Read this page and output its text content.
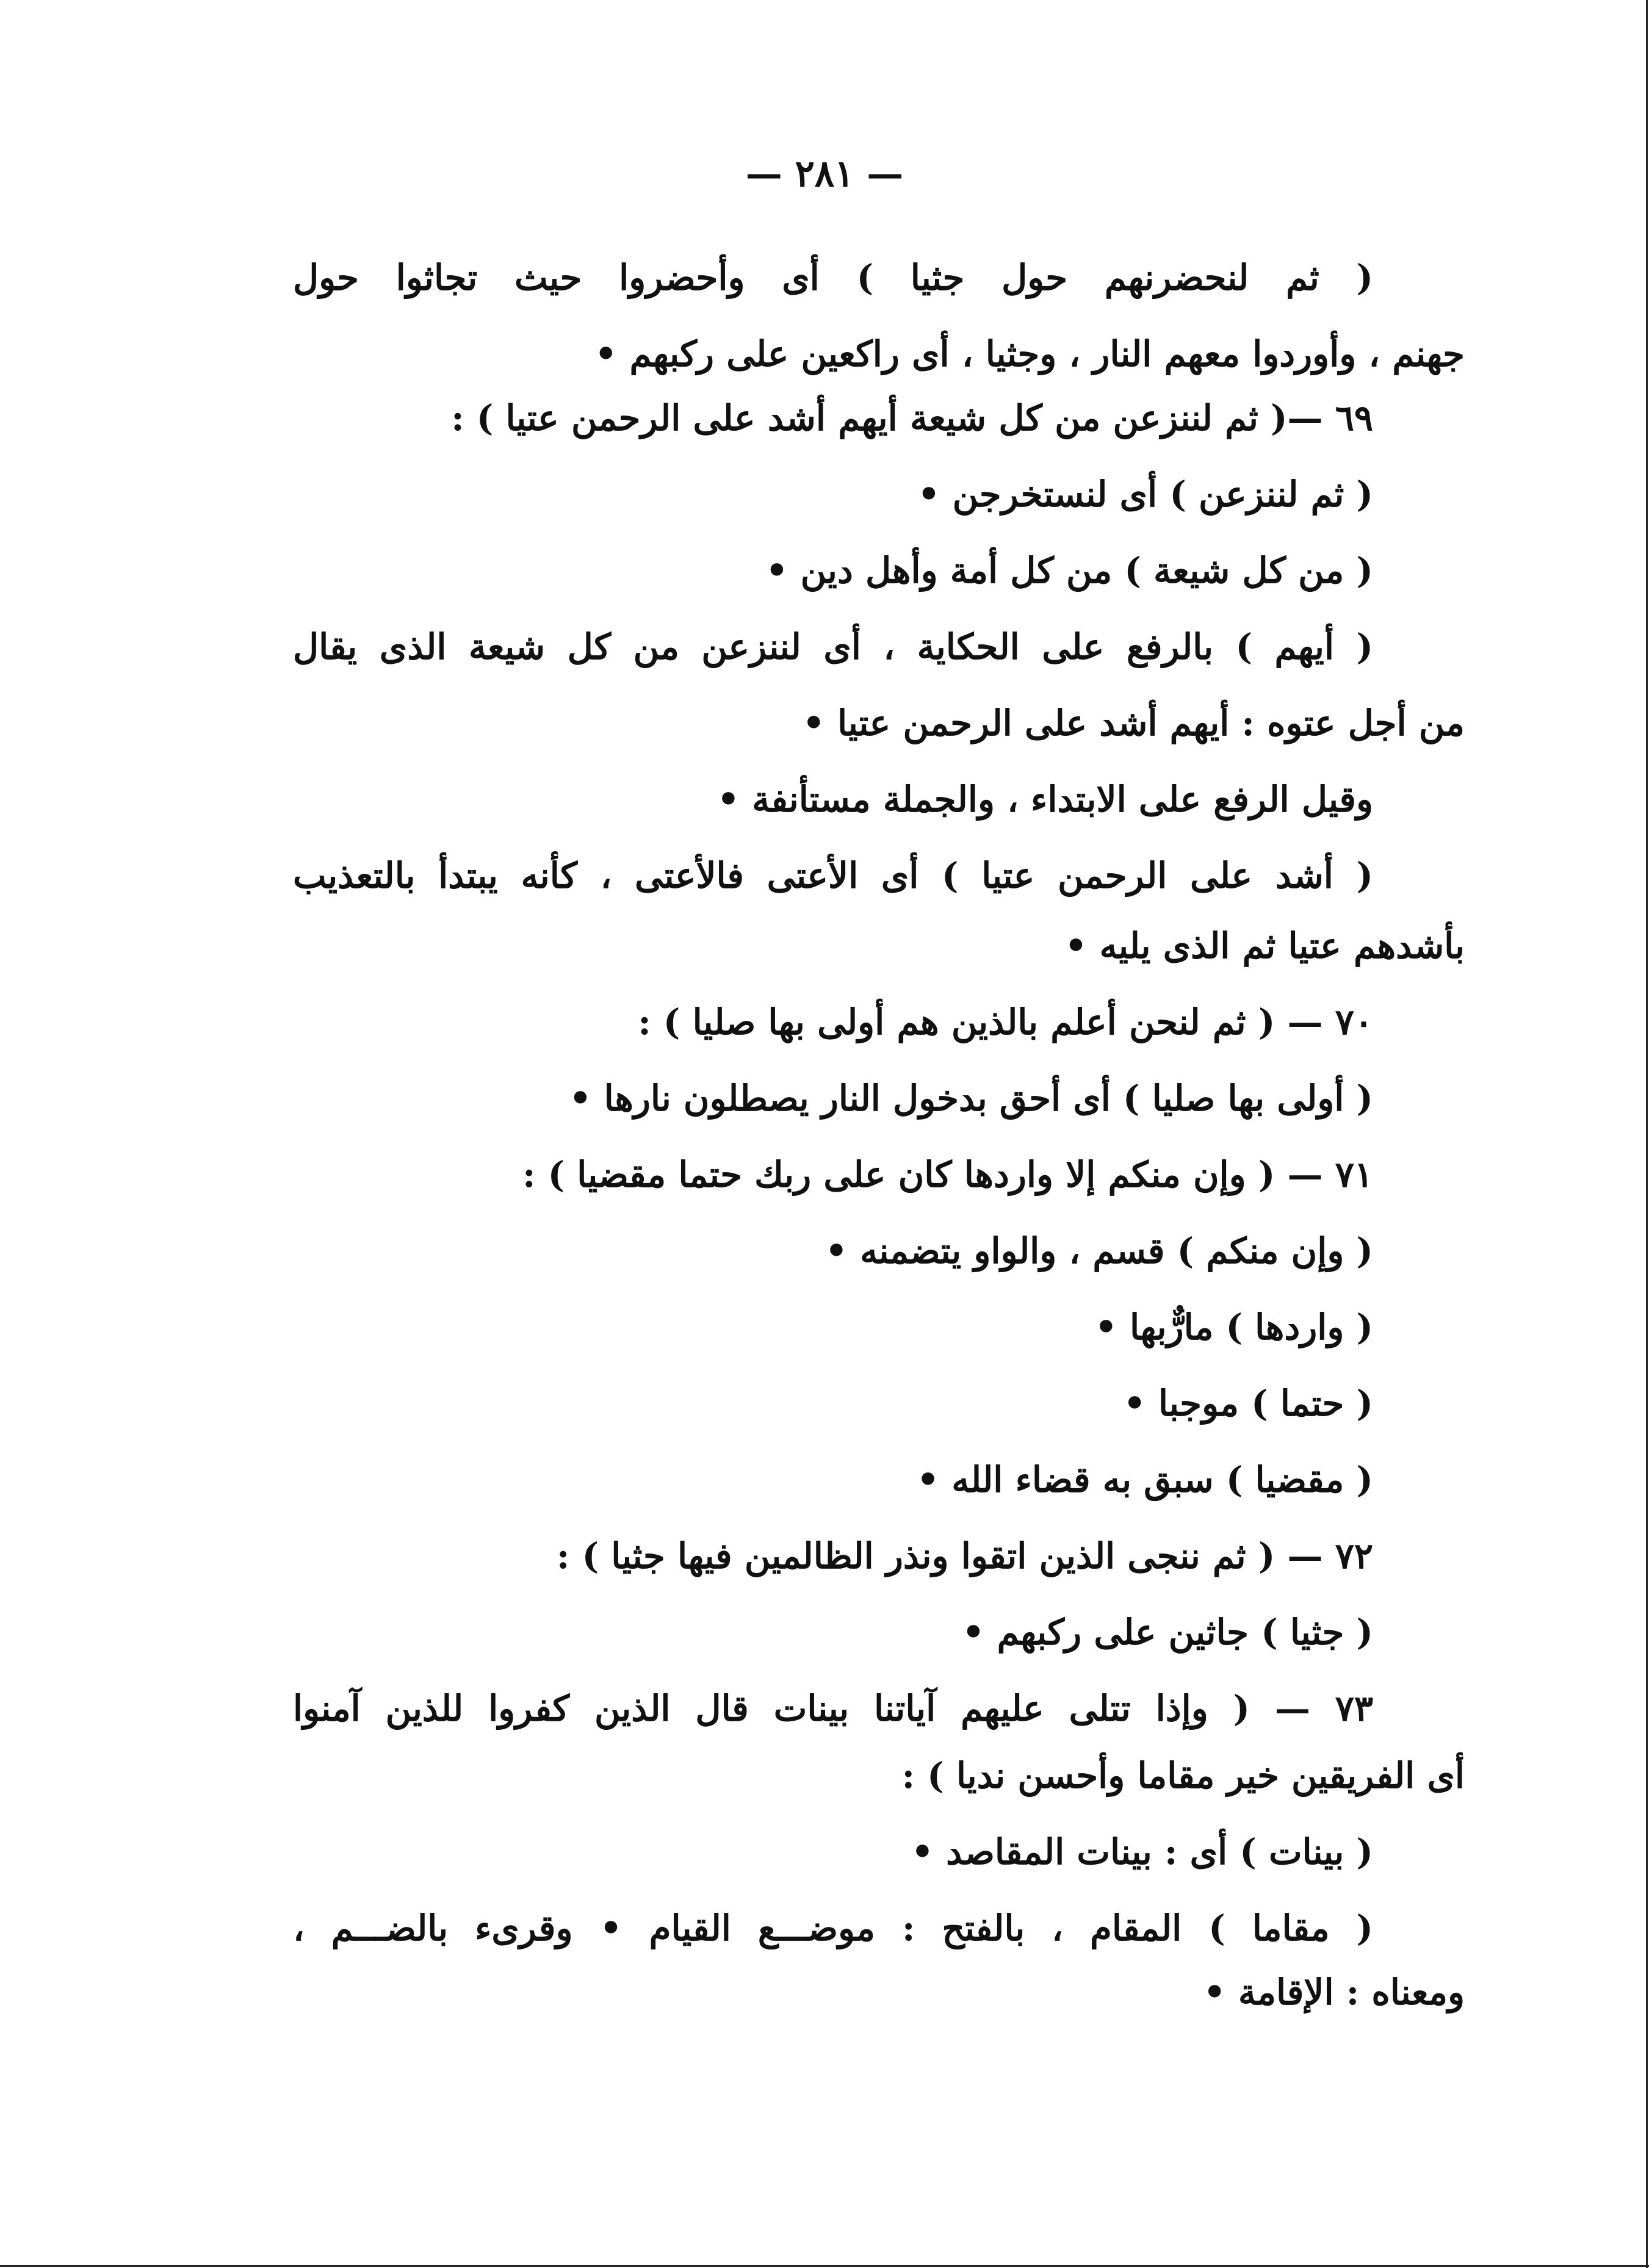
— ٢٨١ —
( ثم لنحضرنهم حول جثيا ) أى وأحضروا حيث تجاثوا حول
جهنم ، وأوردوا معهم النار ، وجثيا ، أى راكعين على ركبهم •
٦٩ —( ثم لننزعن من كل شيعة أيهم أشد على الرحمن عتيا ) :
( ثم لننزعن ) أى لنستخرجن •
( من كل شيعة ) من كل أمة وأهل دين •
( أيهم ) بالرفع على الحكاية ، أى لننزعن من كل شيعة الذى يقال
من أجل عتوه : أيهم أشد على الرحمن عتيا •
وقيل الرفع على الابتداء ، والجملة مستأنفة •
( أشد على الرحمن عتيا ) أى الأعتى فالأعتى ، كأنه يبتدأ بالتعذيب
بأشدهم عتيا ثم الذى يليه •
٧٠ — ( ثم لنحن أعلم بالذين هم أولى بها صليا ) :
( أولى بها صليا ) أى أحق بدخول النار يصطلون نارها •
٧١ — ( وإن منكم إلا واردها كان على ربك حتما مقضيا ) :
( وإن منكم ) قسم ، والواو يتضمنه •
( واردها ) مارٌّبها •
( حتما ) موجبا •
( مقضيا ) سبق به قضاء الله •
٧٢ — ( ثم ننجى الذين اتقوا ونذر الظالمين فيها جثيا ) :
( جثيا ) جاثين على ركبهم •
٧٣ — ( وإذا تتلى عليهم آياتنا بينات قال الذين كفروا للذين آمنوا
أى الفريقين خير مقاما وأحسن نديا ) :
( بينات ) أى : بينات المقاصد •
( مقاما ) المقام ، بالفتح : موضـــع القيام • وقرىء بالضـــم ،
ومعناه : الإقامة •
